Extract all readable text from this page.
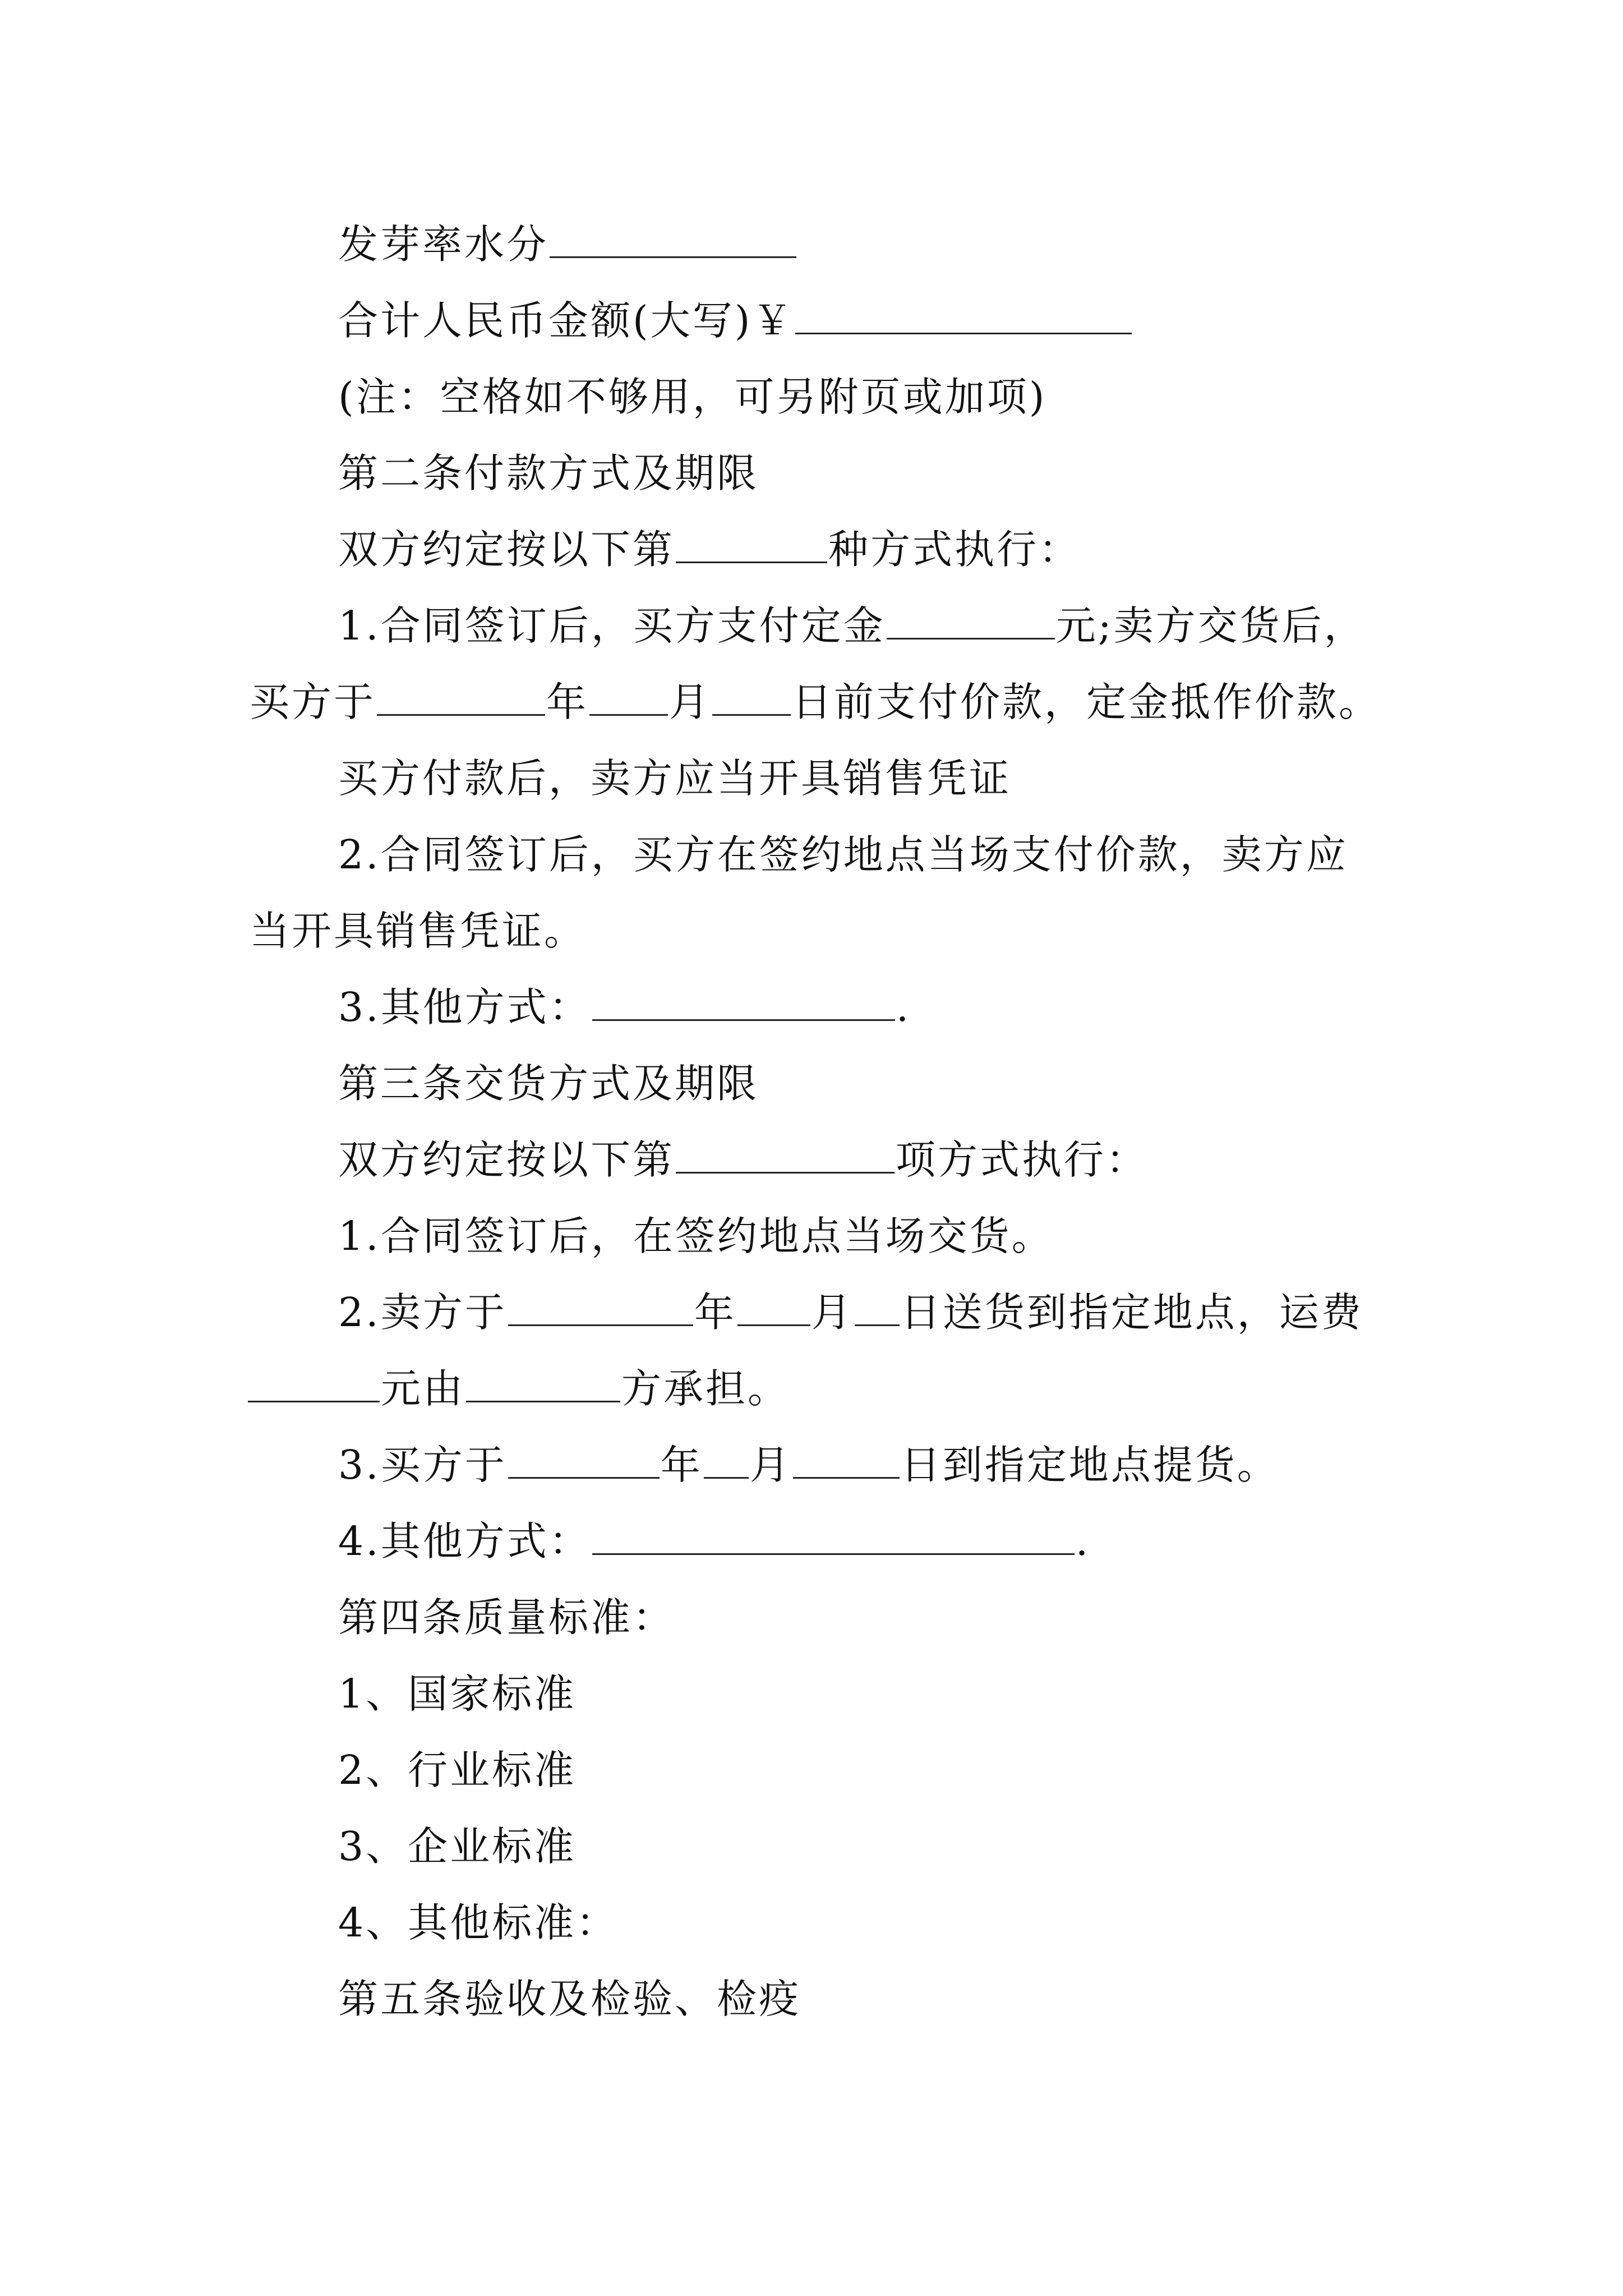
发芽率水分
合计人民币金额(大写)￥
(注：空格如不够用，可另附页或加项)
第二条付款方式及期限
双方约定按以下第	种方式执行：
1.合同签订后，买方支付定金	元;卖方交货后，
买方于	年 月 日前支付价款，定金抵作价款。
买方付款后，卖方应当开具销售凭证
2.合同签订后，买方在签约地点当场支付价款，卖方应
当开具销售凭证。
3.其他方式：	.
第三条交货方式及期限
双方约定按以下第	项方式执行：
1.合同签订后，在签约地点当场交货。
2.卖方于	年 月 日送货到指定地点，运费
元由	方承担。
3.买方于	年 月	日到指定地点提货。
4.其他方式：	.
第四条质量标准：
1、国家标准
2、行业标准
3、企业标准
4、其他标准：
第五条验收及检验、检疫
